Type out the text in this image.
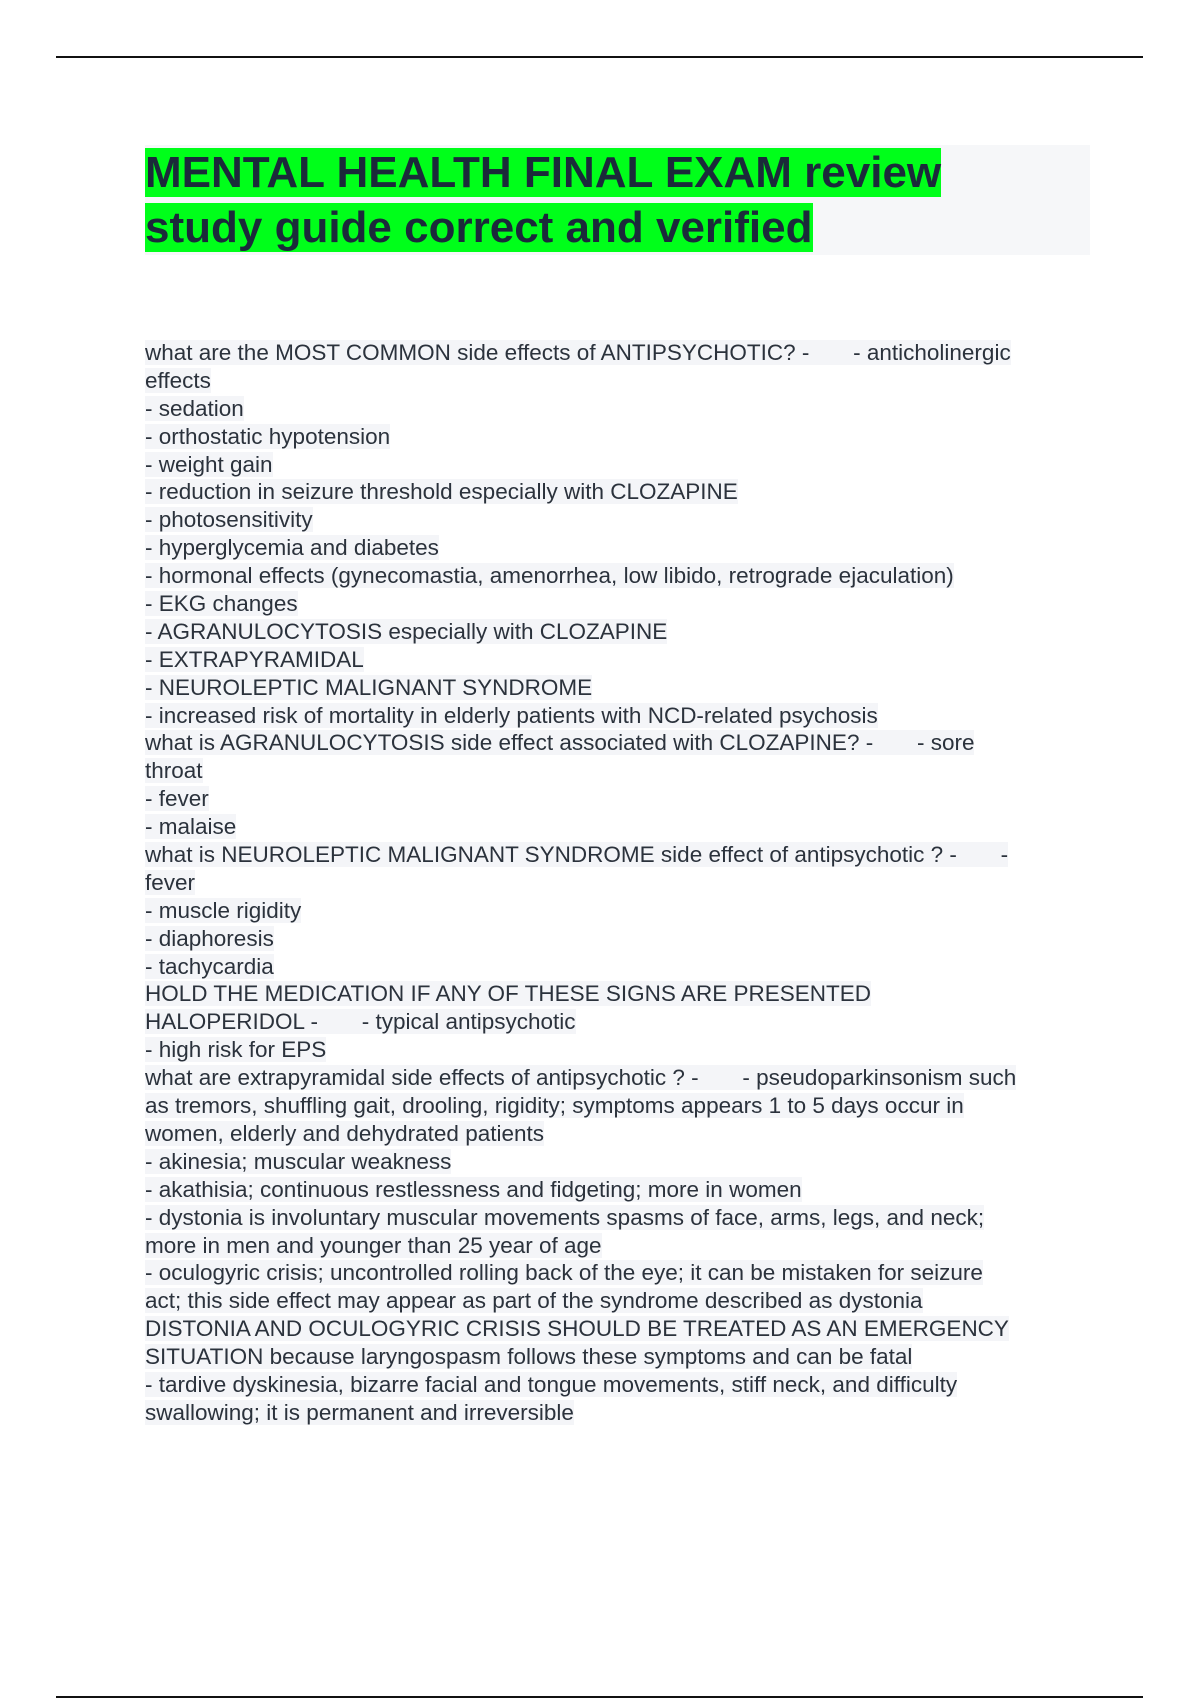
MENTAL HEALTH FINAL EXAM review
study guide correct and verified
what are the MOST COMMON side effects of ANTIPSYCHOTIC? -       - anticholinergic
effects
- sedation
- orthostatic hypotension
- weight gain
- reduction in seizure threshold especially with CLOZAPINE
- photosensitivity
- hyperglycemia and diabetes
- hormonal effects (gynecomastia, amenorrhea, low libido, retrograde ejaculation)
- EKG changes
- AGRANULOCYTOSIS especially with CLOZAPINE
- EXTRAPYRAMIDAL
- NEUROLEPTIC MALIGNANT SYNDROME
- increased risk of mortality in elderly patients with NCD-related psychosis
what is AGRANULOCYTOSIS side effect associated with CLOZAPINE? -       - sore
throat
- fever
- malaise
what is NEUROLEPTIC MALIGNANT SYNDROME side effect of antipsychotic ? -       -
fever
- muscle rigidity
- diaphoresis
- tachycardia
HOLD THE MEDICATION IF ANY OF THESE SIGNS ARE PRESENTED
HALOPERIDOL -       - typical antipsychotic
- high risk for EPS
what are extrapyramidal side effects of antipsychotic ? -       - pseudoparkinsonism such
as tremors, shuffling gait, drooling, rigidity; symptoms appears 1 to 5 days occur in
women, elderly and dehydrated patients
- akinesia; muscular weakness
- akathisia; continuous restlessness and fidgeting; more in women
- dystonia is involuntary muscular movements spasms of face, arms, legs, and neck;
more in men and younger than 25 year of age
- oculogyric crisis; uncontrolled rolling back of the eye; it can be mistaken for seizure
act; this side effect may appear as part of the syndrome described as dystonia
DISTONIA AND OCULOGYRIC CRISIS SHOULD BE TREATED AS AN EMERGENCY
SITUATION because laryngospasm follows these symptoms and can be fatal
- tardive dyskinesia, bizarre facial and tongue movements, stiff neck, and difficulty
swallowing; it is permanent and irreversible
